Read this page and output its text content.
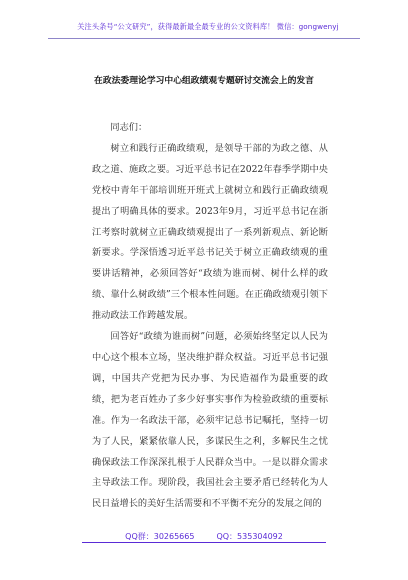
关注头条号“公文研究”，获得最新最全最专业的公文资料库！ 微信：gongwenyj
在政法委理论学习中心组政绩观专题研讨交流会上的发言

同志们：

树立和践行正确政绩观，是领导干部的为政之德、从政之道、施政之要。习近平总书记在2022年春季学期中央党校中青年干部培训班开班式上就树立和践行正确政绩观提出了明确具体的要求。2023年9月，习近平总书记在浙江考察时就树立正确政绩观提出了一系列新观点、新论断新要求。学深悟透习近平总书记关于树立正确政绩观的重要讲话精神，必须回答好“政绩为谁而树、树什么样的政绩、靠什么树政绩”三个根本性问题。在正确政绩观引领下推动政法工作跨越发展。

回答好“政绩为谁而树”问题，必须始终坚定以人民为中心这个根本立场，坚决维护群众权益。习近平总书记强调，中国共产党把为民办事、为民造福作为最重要的政绩，把为老百姓办了多少好事实事作为检验政绩的重要标准。作为一名政法干部，必须牢记总书记嘱托，坚持一切为了人民，紧紧依靠人民，多谋民生之利，多解民生之忧确保政法工作深深扎根于人民群众当中。一是以群众需求主导政法工作。现阶段，我国社会主要矛盾已经转化为人民日益增长的美好生活需要和不平衡不充分的发展之间的

QQ群：30265665	QQ：535304092
